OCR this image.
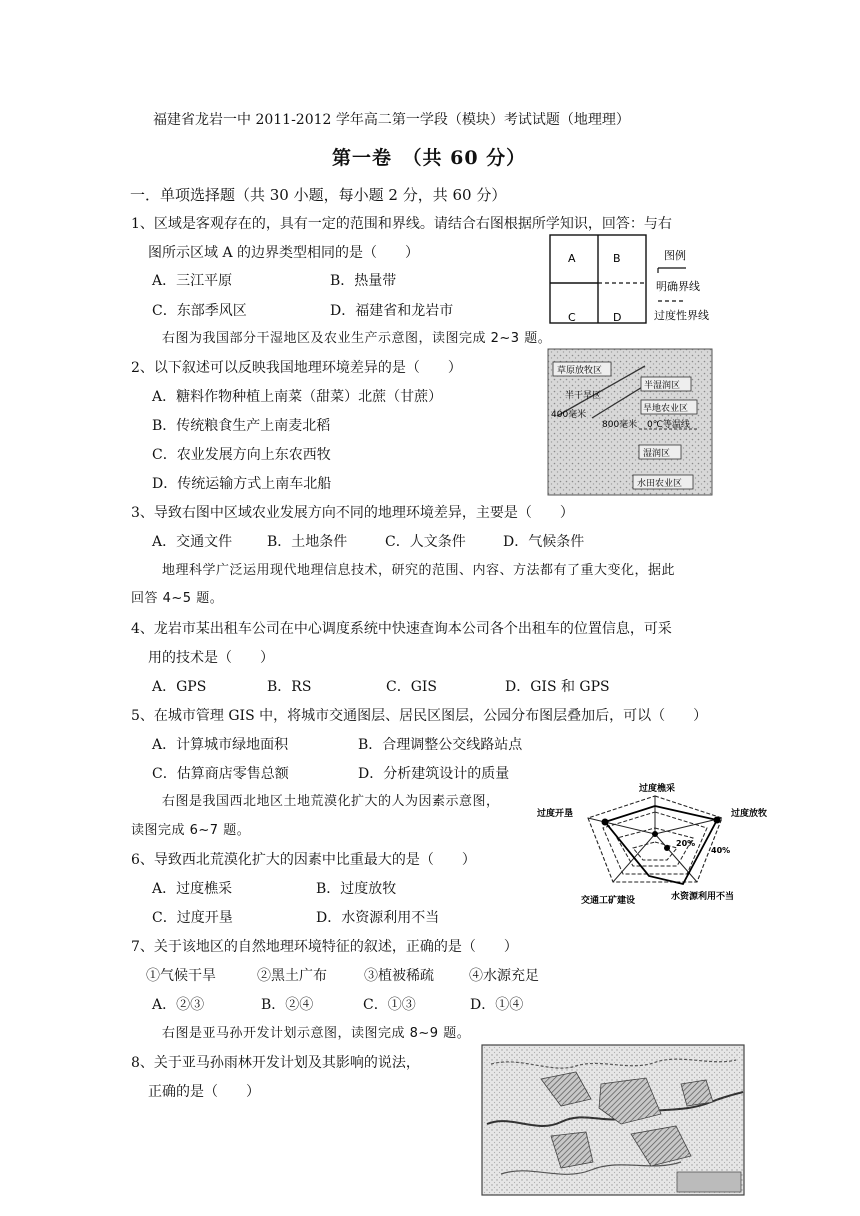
福建省龙岩一中 2011-2012 学年高二第一学段（模块）考试试题（地理理）
第一卷　（共 60 分）
一．单项选择题（共 30 小题，每小题 2 分，共 60 分）
1、区域是客观存在的，具有一定的范围和界线。请结合右图根据所学知识，回答：与右
图所示区域 A 的边界类型相同的是（　　）
A．三江平原	B．热量带
C．东部季风区	D．福建省和龙岩市
A	B
C	D
图例
明确界线
过度性界线
右图为我国部分干湿地区及农业生产示意图，读图完成 2~3 题。
2、以下叙述可以反映我国地理环境差异的是（　　）
A．糖料作物种植上南菜（甜菜）北蔗（甘蔗）
B．传统粮食生产上南麦北稻
C．农业发展方向上东农西牧
D．传统运输方式上南车北船
草原放牧区
半干旱区
400毫米
半湿润区
旱地农业区
800毫米 0℃等温线
湿润区
水田农业区
3、导致右图中区域农业发展方向不同的地理环境差异，主要是（　　）
A．交通文件 B．土地条件	C．人文条件	D．气候条件
地理科学广泛运用现代地理信息技术，研究的范围、内容、方法都有了重大变化，据此
回答 4~5 题。
4、龙岩市某出租车公司在中心调度系统中快速查询本公司各个出租车的位置信息，可采
用的技术是（　　）
A．GPS	B．RS	C．GIS	D．GIS 和 GPS
5、在城市管理 GIS 中，将城市交通图层、居民区图层，公园分布图层叠加后，可以（　　）
A．计算城市绿地面积	B．合理调整公交线路站点
C．估算商店零售总额	D．分析建筑设计的质量
过度樵采
过度放牧
水资源利用不当
交通工矿建设
过度开垦
20%
40%
右图是我国西北地区土地荒漠化扩大的人为因素示意图，
读图完成 6~7 题。
6、导致西北荒漠化扩大的因素中比重最大的是（　　）
A．过度樵采	B．过度放牧
C．过度开垦	D．水资源利用不当
7、关于该地区的自然地理环境特征的叙述，正确的是（　　）
①气候干旱	②黑土广布	③植被稀疏	④水源充足
A．②③	B．②④	C．①③	D．①④
右图是亚马孙开发计划示意图，读图完成 8~9 题。
8、关于亚马孙雨林开发计划及其影响的说法，
正确的是（　　）
